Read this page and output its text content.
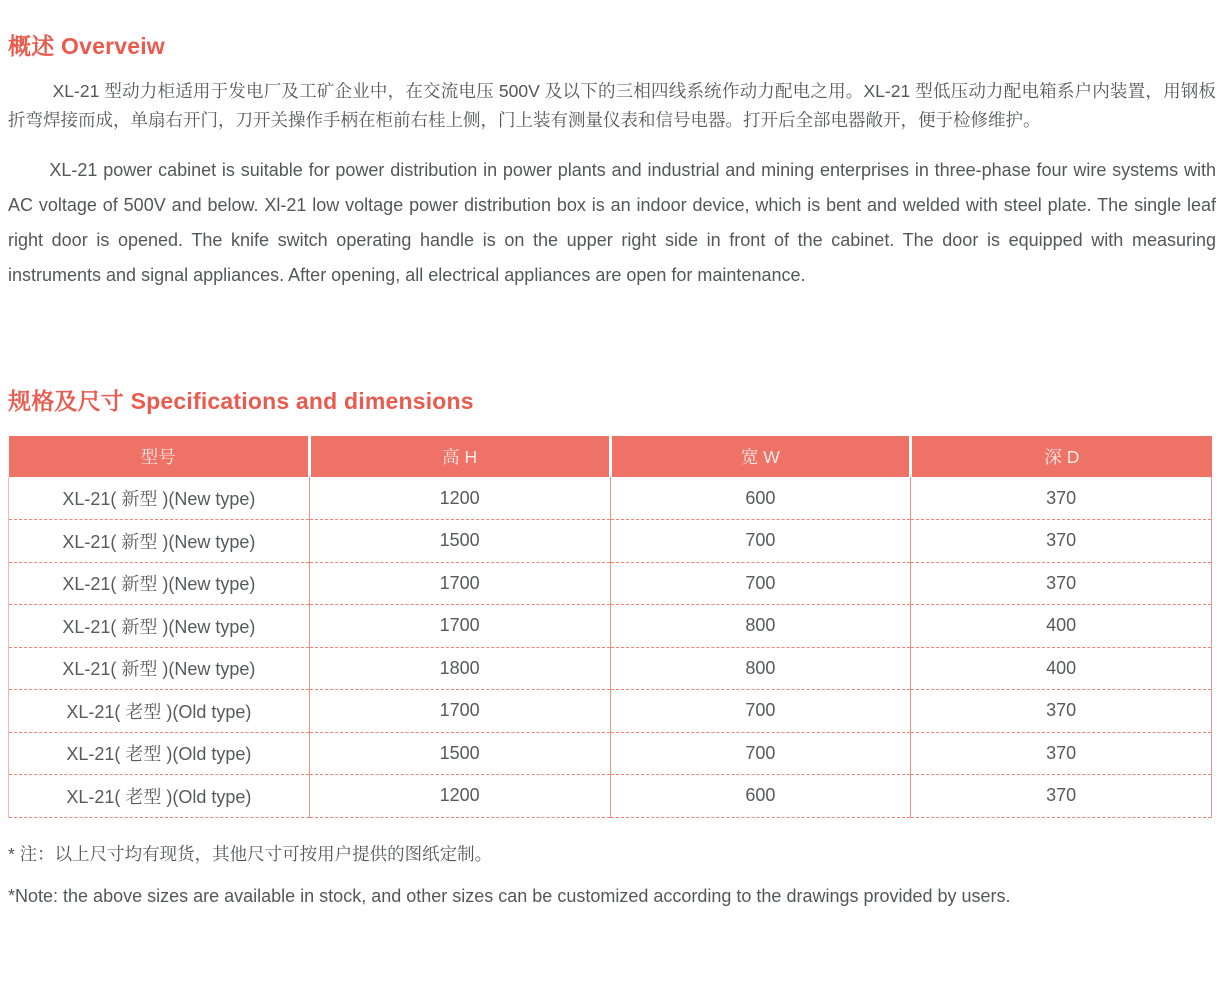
概述 Overveiw

XL-21 型动力柜适用于发电厂及工矿企业中，在交流电压 500V 及以下的三相四线系统作动力配电之用。XL-21 型低压动力配电箱系户内装置，用钢板折弯焊接而成，单扇右开门，刀开关操作手柄在柜前右桂上侧，门上装有测量仪表和信号电器。打开后全部电器敞开，便于检修维护。

XL-21 power cabinet is suitable for power distribution in power plants and industrial and mining enterprises in three-phase four wire systems with AC voltage of 500V and below. Xl-21 low voltage power distribution box is an indoor device, which is bent and welded with steel plate. The single leaf right door is opened. The knife switch operating handle is on the upper right side in front of the cabinet. The door is equipped with measuring instruments and signal appliances. After opening, all electrical appliances are open for maintenance.

规格及尺寸 Specifications and dimensions
型号	高 H	宽 W	深 D
XL-21( 新型 )(New type)	1200	600	370
XL-21( 新型 )(New type)	1500	700	370
XL-21( 新型 )(New type)	1700	700	370
XL-21( 新型 )(New type)	1700	800	400
XL-21( 新型 )(New type)	1800	800	400
XL-21( 老型 )(Old type)	1700	700	370
XL-21( 老型 )(Old type)	1500	700	370
XL-21( 老型 )(Old type)	1200	600	370

* 注：以上尺寸均有现货，其他尺寸可按用户提供的图纸定制。

*Note: the above sizes are available in stock, and other sizes can be customized according to the drawings provided by users.
